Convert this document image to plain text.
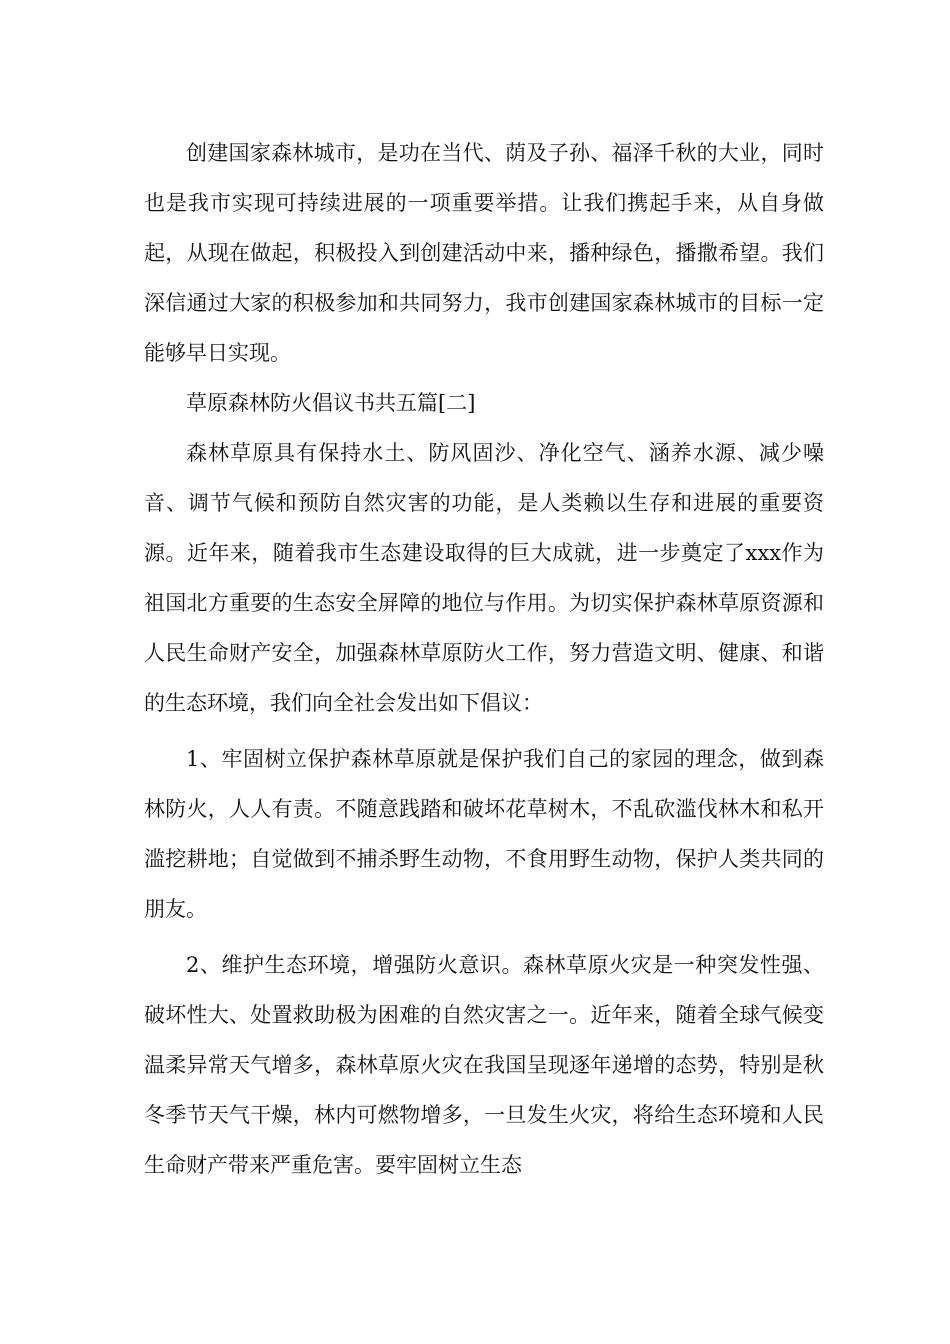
创建国家森林城市，是功在当代、荫及子孙、福泽千秋的大业，同时也是我市实现可持续进展的一项重要举措。让我们携起手来，从自身做起，从现在做起，积极投入到创建活动中来，播种绿色，播撒希望。我们深信通过大家的积极参加和共同努力，我市创建国家森林城市的目标一定能够早日实现。

草原森林防火倡议书共五篇[二]

森林草原具有保持水土、防风固沙、净化空气、涵养水源、减少噪音、调节气候和预防自然灾害的功能，是人类赖以生存和进展的重要资源。近年来，随着我市生态建设取得的巨大成就，进一步奠定了xxx作为祖国北方重要的生态安全屏障的地位与作用。为切实保护森林草原资源和人民生命财产安全，加强森林草原防火工作，努力营造文明、健康、和谐的生态环境，我们向全社会发出如下倡议：

1、牢固树立保护森林草原就是保护我们自己的家园的理念，做到森林防火，人人有责。不随意践踏和破坏花草树木，不乱砍滥伐林木和私开滥挖耕地；自觉做到不捕杀野生动物，不食用野生动物，保护人类共同的朋友。

2、维护生态环境，增强防火意识。森林草原火灾是一种突发性强、破坏性大、处置救助极为困难的自然灾害之一。近年来，随着全球气候变温柔异常天气增多，森林草原火灾在我国呈现逐年递增的态势，特别是秋冬季节天气干燥，林内可燃物增多，一旦发生火灾，将给生态环境和人民生命财产带来严重危害。要牢固树立生态
